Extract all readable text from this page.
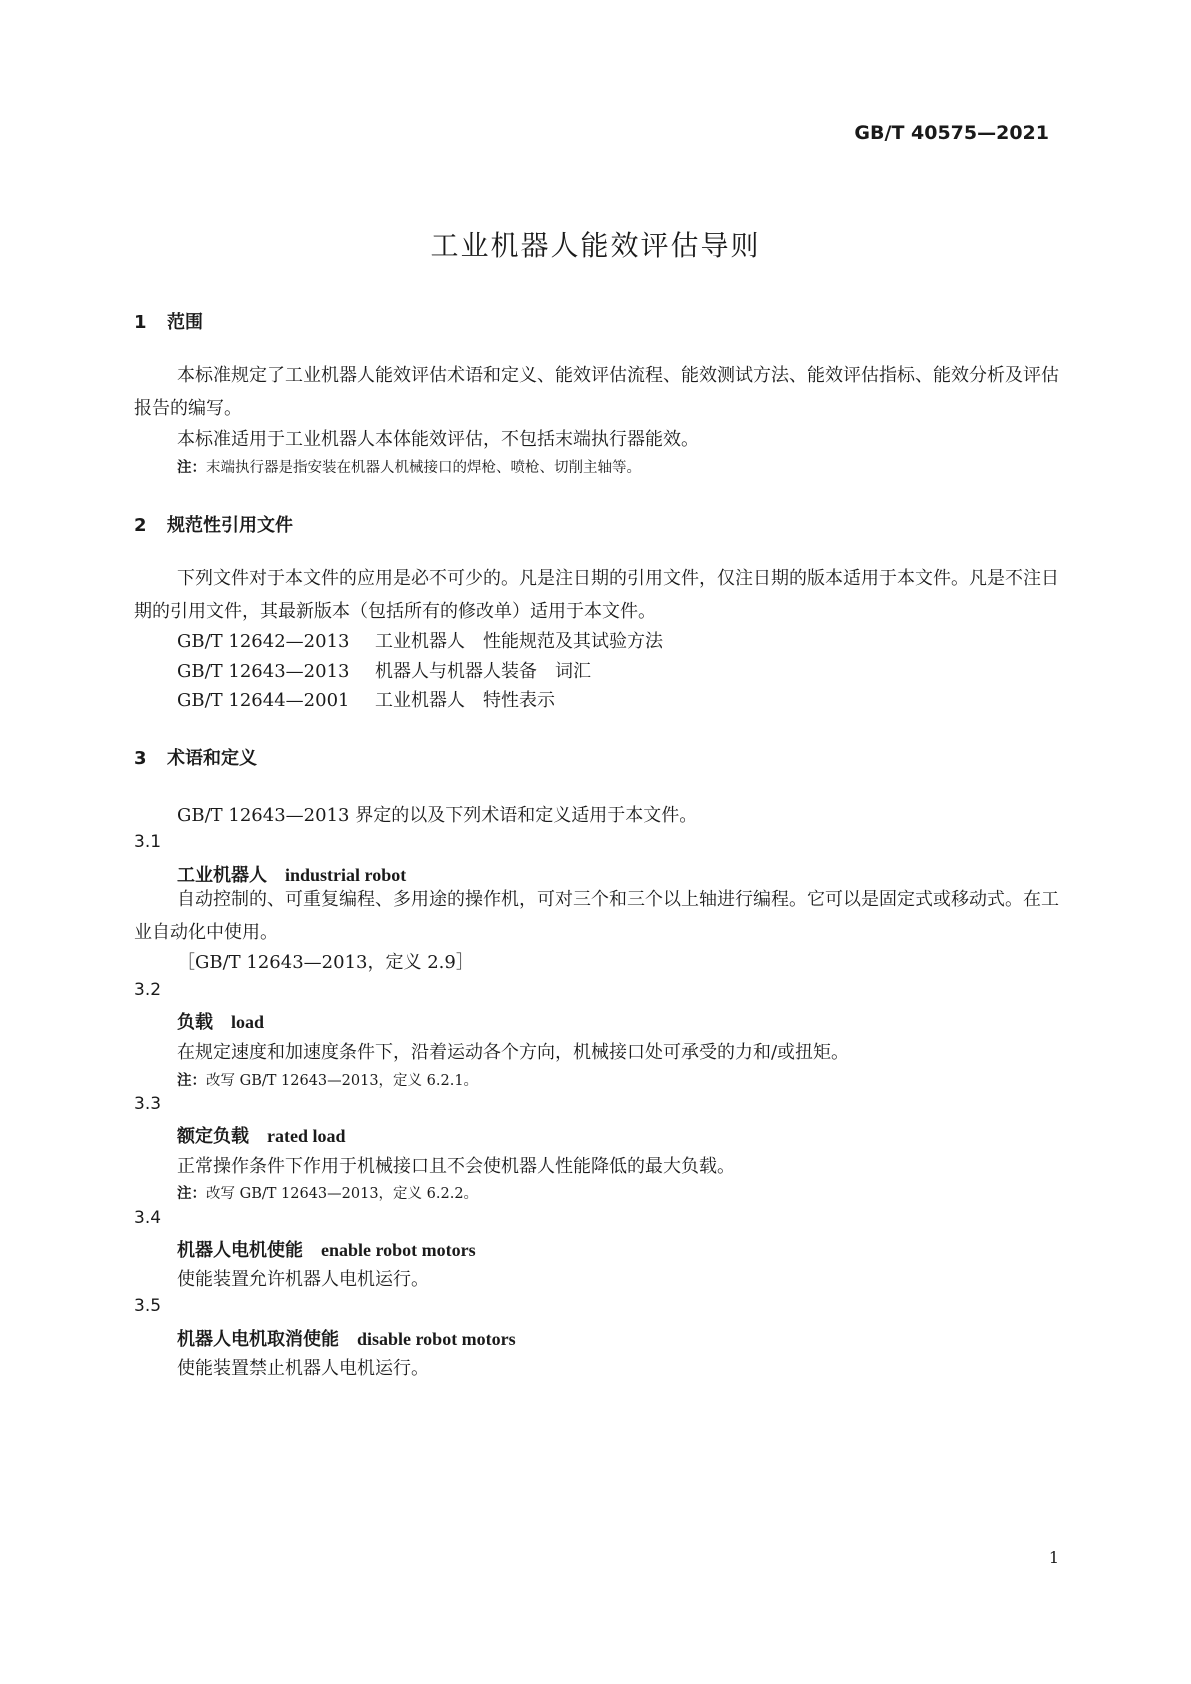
GB/T 40575—2021
工业机器人能效评估导则
1 范围

本标准规定了工业机器人能效评估术语和定义、能效评估流程、能效测试方法、能效评估指标、能效分析及评估报告的编写。

本标准适用于工业机器人本体能效评估，不包括末端执行器能效。

注：末端执行器是指安装在机器人机械接口的焊枪、喷枪、切削主轴等。
2 规范性引用文件

下列文件对于本文件的应用是必不可少的。凡是注日期的引用文件，仅注日期的版本适用于本文件。凡是不注日期的引用文件，其最新版本（包括所有的修改单）适用于本文件。

GB/T 12642—2013 工业机器人 性能规范及其试验方法
GB/T 12643—2013 机器人与机器人装备 词汇
GB/T 12644—2001 工业机器人 特性表示
3 术语和定义

GB/T 12643—2013 界定的以及下列术语和定义适用于本文件。

3.1
工业机器人 industrial robot

自动控制的、可重复编程、多用途的操作机，可对三个和三个以上轴进行编程。它可以是固定式或移动式。在工业自动化中使用。

［GB/T 12643—2013，定义 2.9］
3.2
负载 load

在规定速度和加速度条件下，沿着运动各个方向，机械接口处可承受的力和/或扭矩。

注：改写 GB/T 12643—2013，定义 6.2.1。
3.3
额定负载 rated load

正常操作条件下作用于机械接口且不会使机器人性能降低的最大负载。

注：改写 GB/T 12643—2013，定义 6.2.2。
3.4
机器人电机使能 enable robot motors

使能装置允许机器人电机运行。

3.5
机器人电机取消使能 disable robot motors

使能装置禁止机器人电机运行。

1
